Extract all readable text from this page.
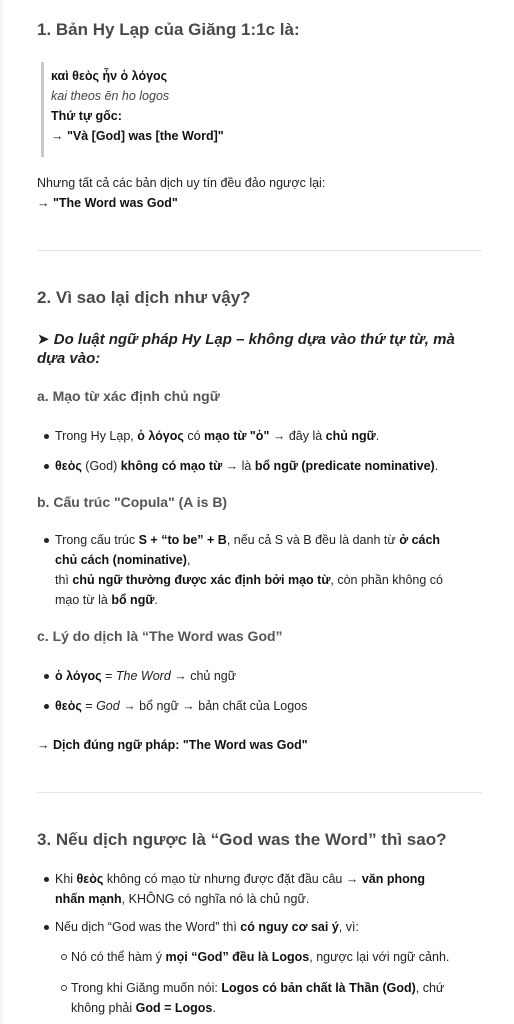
1. Bản Hy Lạp của Giăng 1:1c là:
καὶ θεὸς ἦν ὁ λόγος
kai theos ēn ho logos
Thứ tự gốc:
→ "Và [God] was [the Word]"
Nhưng tất cả các bản dịch uy tín đều đảo ngược lại:
→ "The Word was God"
2. Vì sao lại dịch như vậy?
➤ Do luật ngữ pháp Hy Lạp – không dựa vào thứ tự từ, mà
dựa vào:
a. Mạo từ xác định chủ ngữ
Trong Hy Lạp, ὁ λόγος có mạo từ "ὁ" → đây là chủ ngữ.
θεὸς (God) không có mạo từ → là bổ ngữ (predicate nominative).
b. Cấu trúc "Copula" (A is B)
Trong cấu trúc S + “to be” + B, nếu cả S và B đều là danh từ ở cách
chủ cách (nominative),
thì chủ ngữ thường được xác định bởi mạo từ, còn phần không có
mạo từ là bổ ngữ.
c. Lý do dịch là “The Word was God”
ὁ λόγος = The Word → chủ ngữ
θεὸς = God → bổ ngữ → bản chất của Logos
→ Dịch đúng ngữ pháp: "The Word was God"
3. Nếu dịch ngược là “God was the Word” thì sao?
Khi θεὸς không có mạo từ nhưng được đặt đầu câu → văn phong
nhấn mạnh, KHÔNG có nghĩa nó là chủ ngữ.
Nếu dịch “God was the Word” thì có nguy cơ sai ý, vì:
Nó có thể hàm ý mọi “God” đều là Logos, ngược lại với ngữ cảnh.
Trong khi Giăng muốn nói: Logos có bản chất là Thần (God), chứ
không phải God = Logos.
